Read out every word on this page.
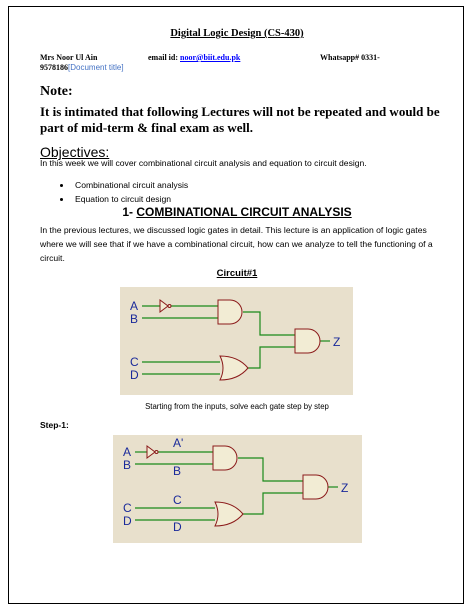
Digital Logic Design (CS-430)
Mrs Noor Ul Ain	email id: noor@biit.edu.pk	Whatsapp# 0331-
9578186[Document title]
Note:
It is intimated that following Lectures will not be repeated and would be part of mid-term & final exam as well.
Objectives:
In this week we will cover combinational circuit analysis and equation to circuit design.
Combinational circuit analysis
Equation to circuit design
1- COMBINATIONAL CIRCUIT ANALYSIS
In the previous lectures, we discussed logic gates in detail. This lecture is an application of logic gates where we will see that if we have a combinational circuit, how can we analyze to tell the functioning of a circuit.
Circuit#1
A
B
C
D
Z
Starting from the inputs, solve each gate step by step
Step-1:
A
B
C
D
A'
B
C
D
Z
